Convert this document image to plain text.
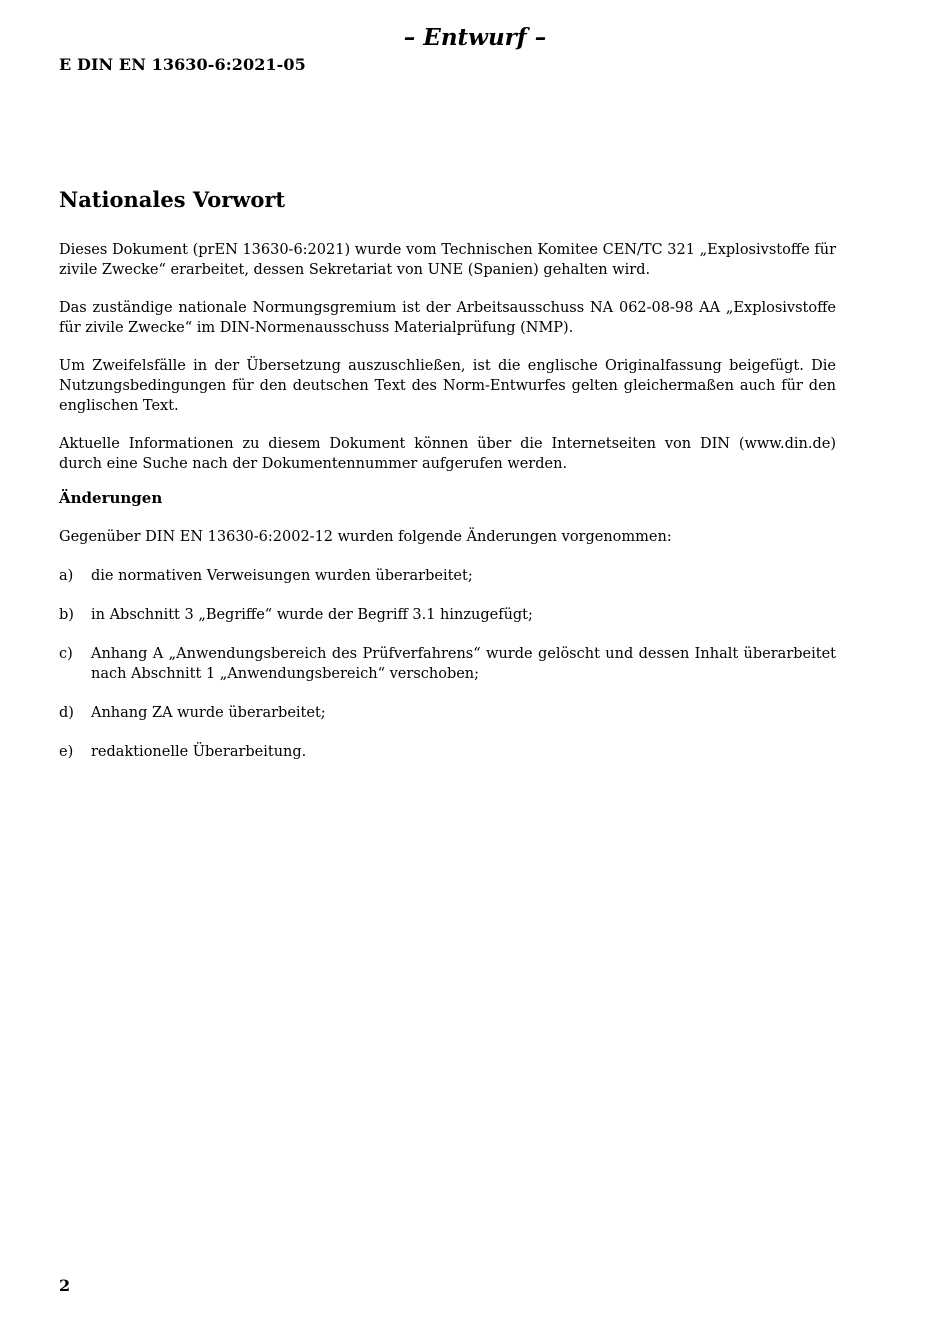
– Entwurf –

E DIN EN 13630-6:2021-05

Nationales Vorwort

Dieses Dokument (prEN 13630-6:2021) wurde vom Technischen Komitee CEN/TC 321 „Explosivstoffe für zivile Zwecke“ erarbeitet, dessen Sekretariat von UNE (Spanien) gehalten wird.

Das zuständige nationale Normungsgremium ist der Arbeitsausschuss NA 062-08-98 AA „Explosivstoffe für zivile Zwecke“ im DIN-Normenausschuss Materialprüfung (NMP).

Um Zweifelsfälle in der Übersetzung auszuschließen, ist die englische Originalfassung beigefügt. Die Nutzungsbedingungen für den deutschen Text des Norm-Entwurfes gelten gleichermaßen auch für den englischen Text.

Aktuelle Informationen zu diesem Dokument können über die Internetseiten von DIN (www.din.de) durch eine Suche nach der Dokumentennummer aufgerufen werden.

Änderungen

Gegenüber DIN EN 13630-6:2002-12 wurden folgende Änderungen vorgenommen:

a)	die normativen Verweisungen wurden überarbeitet;
b)	in Abschnitt 3 „Begriffe“ wurde der Begriff 3.1 hinzugefügt;
c)	Anhang A „Anwendungsbereich des Prüfverfahrens“ wurde gelöscht und dessen Inhalt überarbeitet nach Abschnitt 1 „Anwendungsbereich“ verschoben;
d)	Anhang ZA wurde überarbeitet;
e)	redaktionelle Überarbeitung.

2
